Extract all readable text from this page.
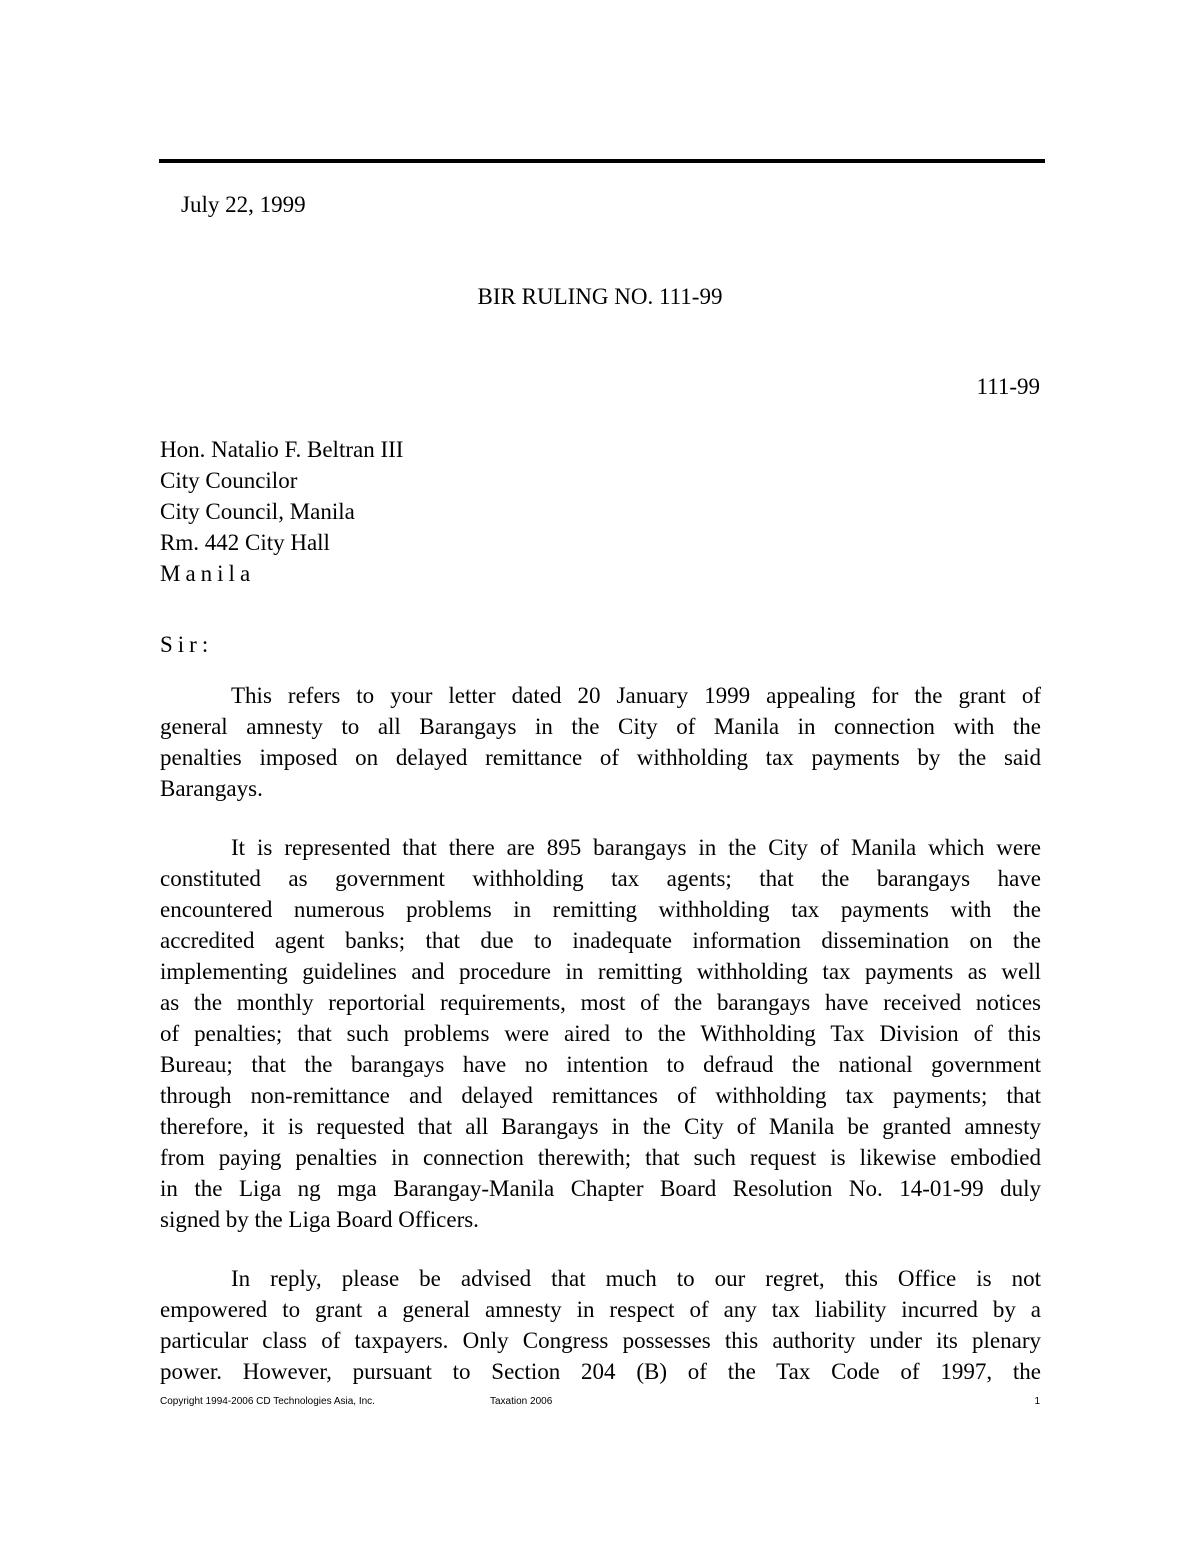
July 22, 1999
BIR RULING NO. 111-99
111-99
Hon. Natalio F. Beltran III
City Councilor
City Council, Manila
Rm. 442 City Hall
Manila
Sir:
This refers to your letter dated 20 January 1999 appealing for the grant of
general amnesty to all Barangays in the City of Manila in connection with the
penalties imposed on delayed remittance of withholding tax payments by the said
Barangays.
It is represented that there are 895 barangays in the City of Manila which were
constituted as government withholding tax agents; that the barangays have
encountered numerous problems in remitting withholding tax payments with the
accredited agent banks; that due to inadequate information dissemination on the
implementing guidelines and procedure in remitting withholding tax payments as well
as the monthly reportorial requirements, most of the barangays have received notices
of penalties; that such problems were aired to the Withholding Tax Division of this
Bureau; that the barangays have no intention to defraud the national government
through non-remittance and delayed remittances of withholding tax payments; that
therefore, it is requested that all Barangays in the City of Manila be granted amnesty
from paying penalties in connection therewith; that such request is likewise embodied
in the Liga ng mga Barangay-Manila Chapter Board Resolution No. 14-01-99 duly
signed by the Liga Board Officers.
In reply, please be advised that much to our regret, this Office is not
empowered to grant a general amnesty in respect of any tax liability incurred by a
particular class of taxpayers. Only Congress possesses this authority under its plenary
power. However, pursuant to Section 204 (B) of the Tax Code of 1997, the
Copyright 1994-2006 CD Technologies Asia, Inc.	Taxation 2006	1
